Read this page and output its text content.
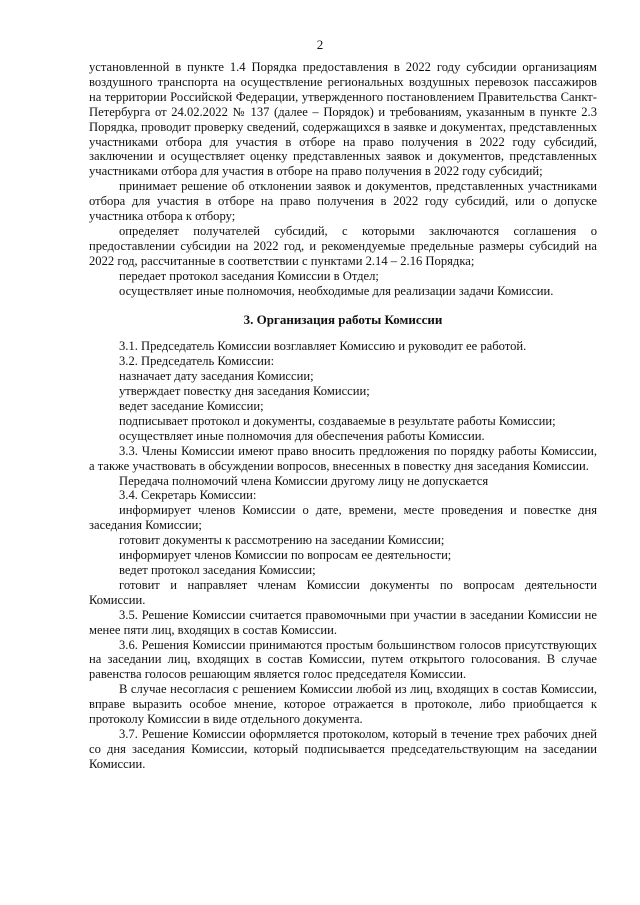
2

установленной в пункте 1.4 Порядка предоставления в 2022 году субсидии организациям воздушного транспорта на осуществление региональных воздушных перевозок пассажиров на территории Российской Федерации, утвержденного постановлением Правительства Санкт-Петербурга от 24.02.2022 № 137 (далее – Порядок) и требованиям, указанным в пункте 2.3 Порядка, проводит проверку сведений, содержащихся в заявке и документах, представленных участниками отбора для участия в отборе на право получения в 2022 году субсидий, заключении и осуществляет оценку представленных заявок и документов, представленных участниками отбора для участия в отборе на право получения в 2022 году субсидий;

принимает решение об отклонении заявок и документов, представленных участниками отбора для участия в отборе на право получения в 2022 году субсидий, или о допуске участника отбора к отбору;

определяет получателей субсидий, с которыми заключаются соглашения о предоставлении субсидии на 2022 год, и рекомендуемые предельные размеры субсидий на 2022 год, рассчитанные в соответствии с пунктами 2.14 – 2.16 Порядка;

передает протокол заседания Комиссии в Отдел;

осуществляет иные полномочия, необходимые для реализации задачи Комиссии.

3. Организация работы Комиссии

3.1. Председатель Комиссии возглавляет Комиссию и руководит ее работой.

3.2. Председатель Комиссии:

назначает дату заседания Комиссии;

утверждает повестку дня заседания Комиссии;

ведет заседание Комиссии;

подписывает протокол и документы, создаваемые в результате работы Комиссии;

осуществляет иные полномочия для обеспечения работы Комиссии.

3.3. Члены Комиссии имеют право вносить предложения по порядку работы Комиссии, а также участвовать в обсуждении вопросов, внесенных в повестку дня заседания Комиссии.

Передача полномочий члена Комиссии другому лицу не допускается

3.4. Секретарь Комиссии:

информирует членов Комиссии о дате, времени, месте проведения и повестке дня заседания Комиссии;

готовит документы к рассмотрению на заседании Комиссии;

информирует членов Комиссии по вопросам ее деятельности;

ведет протокол заседания Комиссии;

готовит и направляет членам Комиссии документы по вопросам деятельности Комиссии.

3.5. Решение Комиссии считается правомочными при участии в заседании Комиссии не менее пяти лиц, входящих в состав Комиссии.

3.6. Решения Комиссии принимаются простым большинством голосов присутствующих на заседании лиц, входящих в состав Комиссии, путем открытого голосования. В случае равенства голосов решающим является голос председателя Комиссии.

В случае несогласия с решением Комиссии любой из лиц, входящих в состав Комиссии, вправе выразить особое мнение, которое отражается в протоколе, либо приобщается к протоколу Комиссии в виде отдельного документа.

3.7. Решение Комиссии оформляется протоколом, который в течение трех рабочих дней со дня заседания Комиссии, который подписывается председательствующим на заседании Комиссии.
